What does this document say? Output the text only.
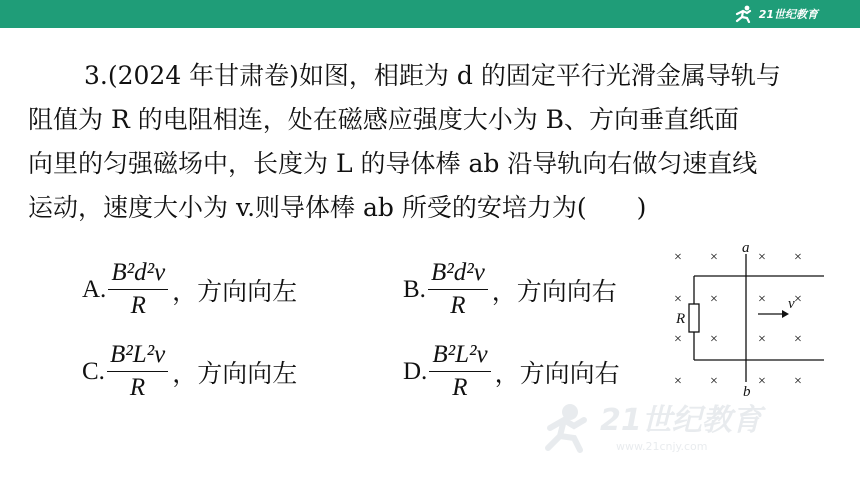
21世纪教育

3.(2024 年甘肃卷)如图，相距为 d 的固定平行光滑金属导轨与

阻值为 R 的电阻相连，处在磁感应强度大小为 B、方向垂直纸面

向里的匀强磁场中，长度为 L 的导体棒 ab 沿导轨向右做匀速直线

运动，速度大小为 v.则导体棒 ab 所受的安培力为(　　)

A. $\frac{\text{B²d²v}}{R}$ ，方向向左	B. $\frac{\text{B²d²v}}{R}$ ，方向向右
C. $\frac{\text{B²L²v}}{R}$ ，方向向左	D. $\frac{\text{B²L²v}}{R}$ ，方向向右
× ×	× ×
× ×	× ×
× ×	× ×
× ×	× ×
a
b
R
v
21世纪教育
www.21cnjy.com
